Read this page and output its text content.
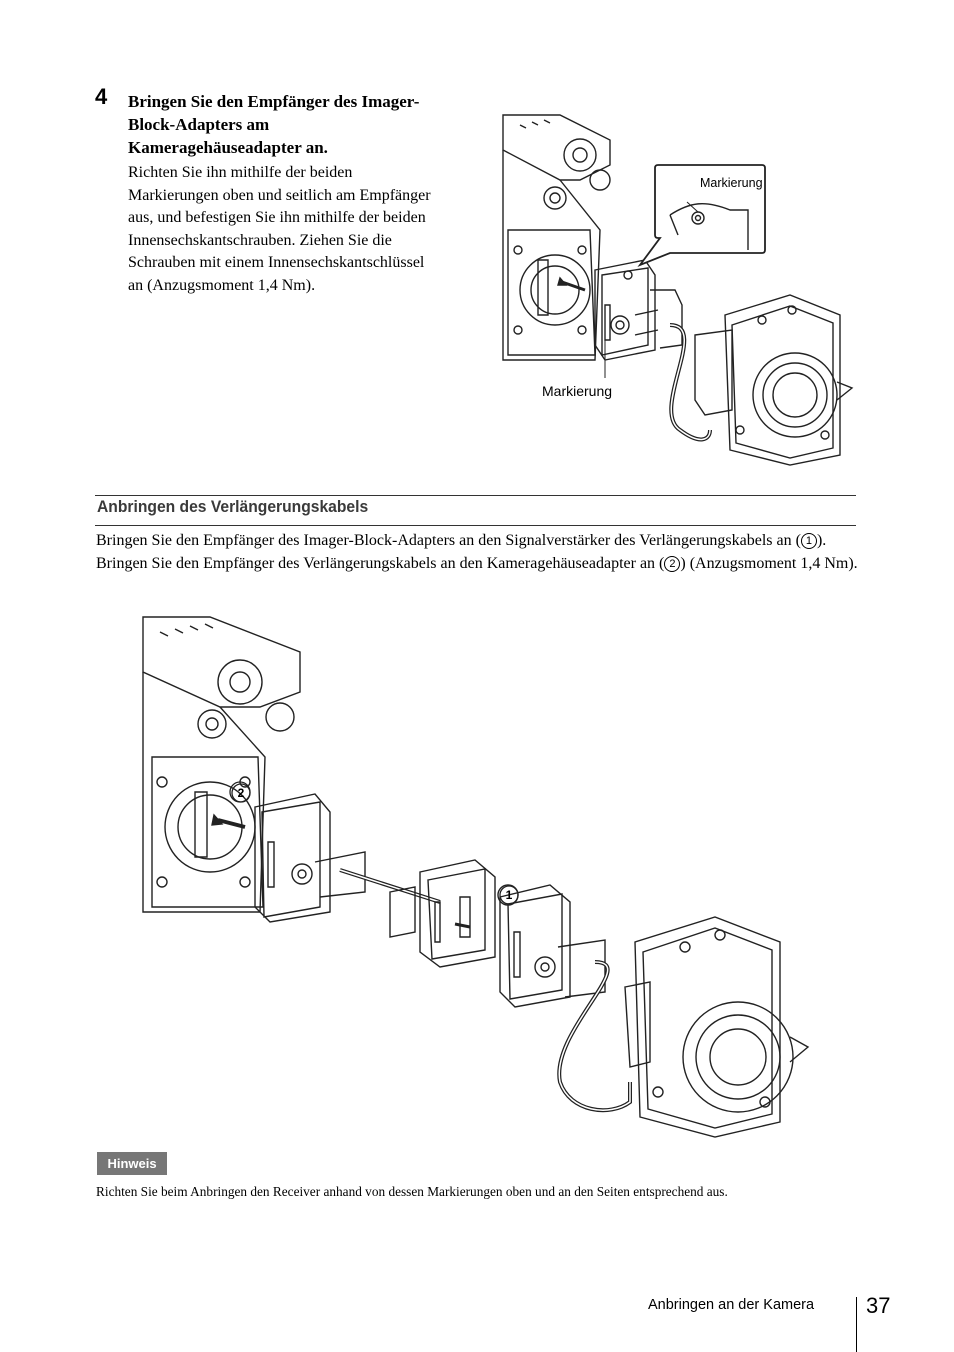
4 Bringen Sie den Empfänger des Imager-Block-Adapters am Kameragehäuseadapter an.
Richten Sie ihn mithilfe der beiden Markierungen oben und seitlich am Empfänger aus, und befestigen Sie ihn mithilfe der beiden Innensechskantschrauben. Ziehen Sie die Schrauben mit einem Innensechskantschlüssel an (Anzugsmoment 1,4 Nm).
Markierung
Markierung
Anbringen des Verlängerungskabels
Bringen Sie den Empfänger des Imager-Block-Adapters an den Signalverstärker des Verlängerungskabels an ( 1 ). Bringen Sie den Empfänger des Verlängerungskabels an den Kameragehäuseadapter an ( 2 ) (Anzugsmoment 1,4 Nm).
2
1
Hinweis
Richten Sie beim Anbringen den Receiver anhand von dessen Markierungen oben und an den Seiten entsprechend aus.
Anbringen an der Kamera 37
